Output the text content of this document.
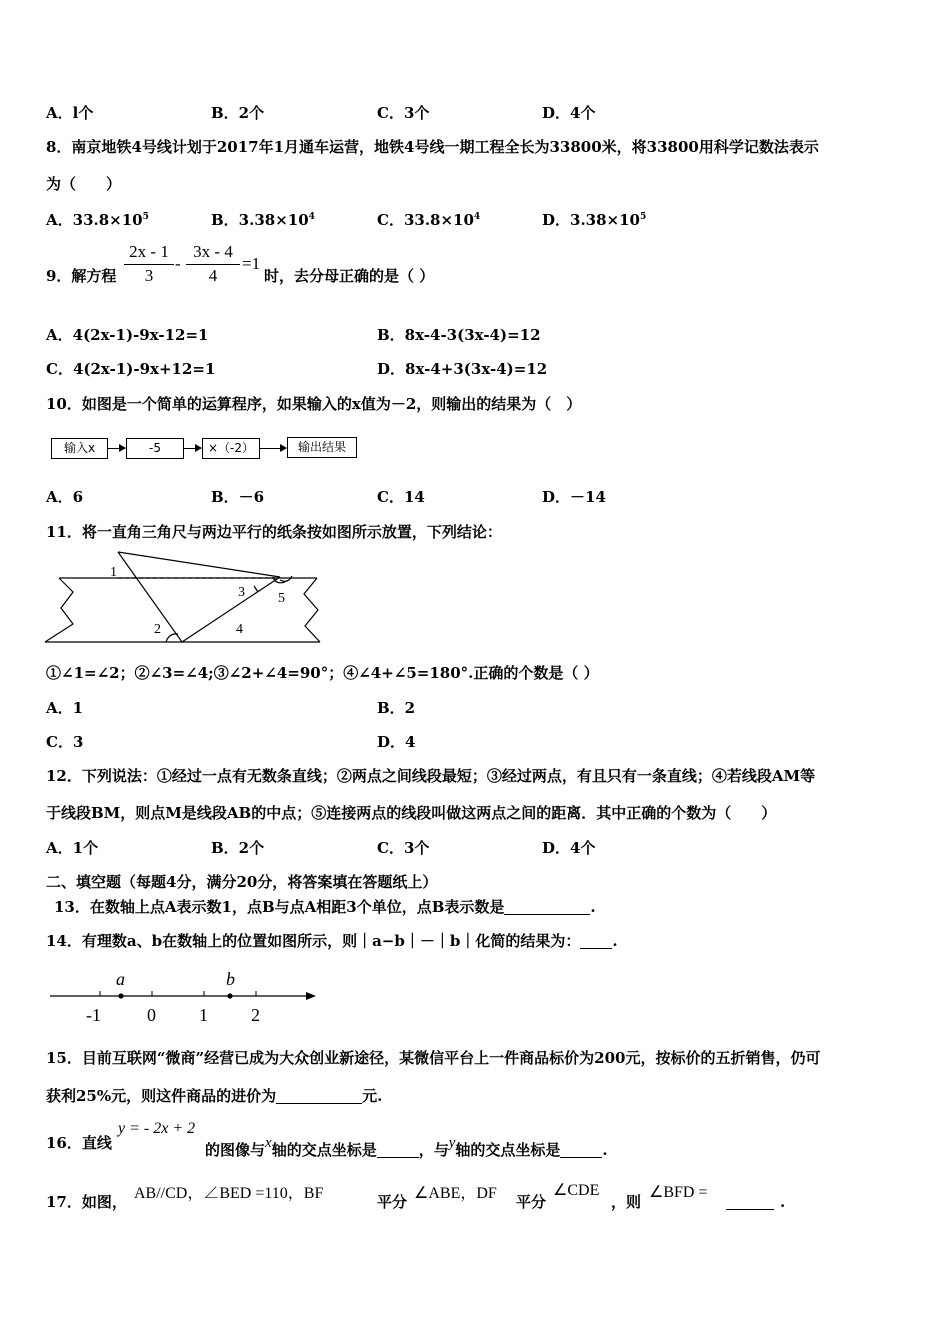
A．l个	B．2个	C．3个	D．4个
8．南京地铁4号线计划于2017年1月通车运营，地铁4号线一期工程全长为33800米，将33800用科学记数法表示
为（　　）
A．$33.8\times 10^5$	B．$3.38\times 10^4$	C．$33.8\times 10^4$	D．$3.38\times 10^5$
9．解方程
2x - 1
3
-
3x - 4
4
=1
时，去分母正确的是（ ）
A．4(2x-1)-9x-12=1	B．8x-4-3(3x-4)=12
C．4(2x-1)-9x+12=1	D．8x-4+3(3x-4)=12
10．如图是一个简单的运算程序，如果输入的x值为－2，则输出的结果为（　）
输入x	-5	×（-2）	输出结果
A．6	B．－6	C．14	D．－14
11．将一直角三角尺与两边平行的纸条按如图所示放置，下列结论：
1
2
3
4
5
①∠1=∠2；②∠3=∠4;③∠2+∠4=90°；④∠4+∠5=180°.正确的个数是（ ）
A．1	B．2
C．3	D．4
12．下列说法：①经过一点有无数条直线；②两点之间线段最短；③经过两点，有且只有一条直线；④若线段AM等
于线段BM，则点M是线段AB的中点；⑤连接两点的线段叫做这两点之间的距离．其中正确的个数为（　　）
A．1个	B．2个	C．3个	D．4个
二、填空题（每题4分，满分20分，将答案填在答题纸上）
13．在数轴上点A表示数1，点B与点A相距3个单位，点B表示数是	.
14．有理数a、b在数轴上的位置如图所示，则｜a−b｜－｜b｜化简的结果为： .
a	b
-1	0 1 2
15．目前互联网“微商”经营已成为大众创业新途径，某微信平台上一件商品标价为200元，按标价的五折销售，仍可
获利25%元，则这件商品的进价为	元.
16．直线
y = - 2x + 2
的图像与x轴的交点坐标是	，与y轴的交点坐标是	.
17．如图， AB//CD，∠BED =110，BF	平分 ∠ABE，DF 平分
∠CDE
，则
∠BFD =
.
